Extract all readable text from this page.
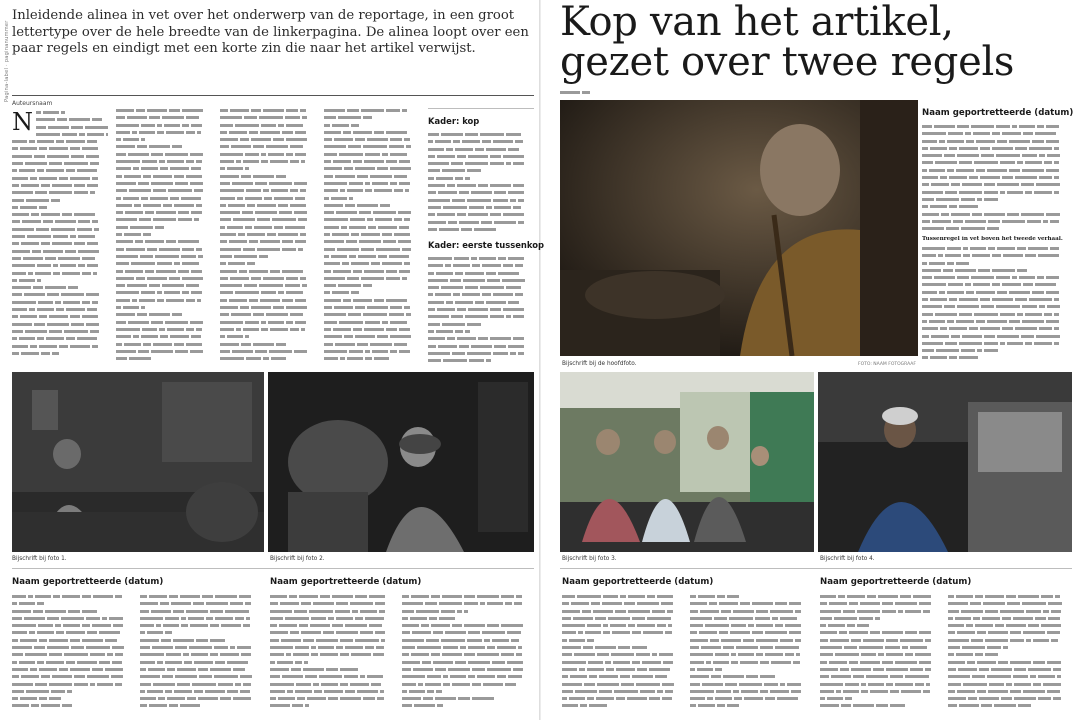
Pagina-label · paginanummer
Inleidende alinea in vet over het onderwerp van de reportage, in een groot lettertype over de hele breedte van de linkerpagina. De alinea loopt over een paar regels en eindigt met een korte zin die naar het artikel verwijst.
Auteursnaam
N	Kader: kop
Kader: eerste tussenkop
Bijschrift bij foto 1.	Bijschrift bij foto 2.
Naam geportretteerde (datum)	Naam geportretteerde (datum)
Kop van het artikel, gezet over twee regels
Bijschrift bij de hoofdfoto.	FOTO: NAAM FOTOGRAAF
Naam geportretteerde (datum)
Tussenregel in vet boven het tweede verhaal.
Bijschrift bij foto 3.	Bijschrift bij foto 4.
Naam geportretteerde (datum)	Naam geportretteerde (datum)
